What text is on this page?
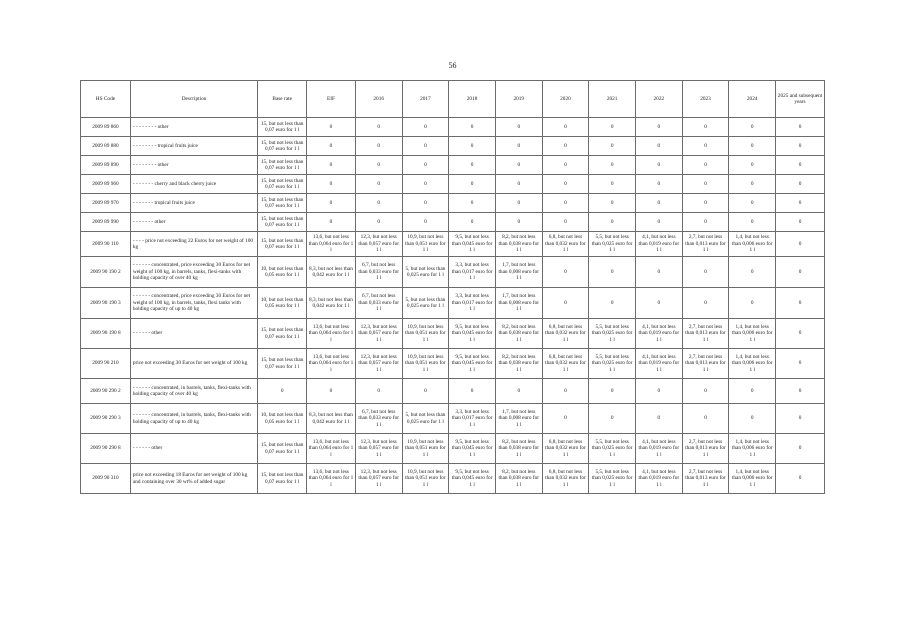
56
HS Code	Description	Base rate	EIF	2016	2017	2018	2019	2020	2021	2022	2023	2024	2025 and subsequent years
2009 89 860	- - - - - - - - other	15, but not less than 0,07 euro for 1 l	0	0	0	0	0	0	0	0	0	0	0
2009 89 880	- - - - - - - - tropical fruits juice	15, but not less than 0,07 euro for 1 l	0	0	0	0	0	0	0	0	0	0	0
2009 89 890	- - - - - - - - other	15, but not less than 0,07 euro for 1 l	0	0	0	0	0	0	0	0	0	0	0
2009 89 960	- - - - - - - cherry and black cherry juice	15, but not less than 0,07 euro for 1 l	0	0	0	0	0	0	0	0	0	0	0
2009 89 970	- - - - - - - tropical fruits juice	15, but not less than 0,07 euro for 1 l	0	0	0	0	0	0	0	0	0	0	0
2009 89 990	- - - - - - - other	15, but not less than 0,07 euro for 1 l	0	0	0	0	0	0	0	0	0	0	0
2009 90 110	- - - - price not exceeding 22 Euros for net weight of 100 kg	15, but not less than 0,07 euro for 1 l	13,6, but not less than 0,064 euro for 1 l	12,3, but not less than 0,057 euro for 1 l	10,9, but not less than 0,051 euro for 1 l	9,5, but not less than 0,045 euro for 1 l	8,2, but not less than 0,038 euro for 1 l	6,8, but not less than 0,032 euro for 1 l	5,5, but not less than 0,025 euro for 1 l	4,1, but not less than 0,019 euro for 1 l	2,7, but not less than 0,013 euro for 1 l	1,4, but not less than 0,006 euro for 1 l	0
2009 90 190 2	- - - - - - concentrated, price exceeding 30 Euros for net weight of 100 kg, in barrels, tanks, flexi-tanks with holding capacity of over 40 kg	10, but not less than 0,05 euro for 1 l	8,3, but not less than 0,042 euro for 1 l	6,7, but not less than 0,033 euro for 1 l	5, but not less than 0,025 euro for 1 l	3,3, but not less than 0,017 euro for 1 l	1,7, but not less than 0,008 euro for 1 l	0	0	0	0	0	0
2009 90 190 3	- - - - - - concentrated, price exceeding 30 Euros for net weight of 100 kg, in barrels, tanks, flexi tanks with holding capacity of up to 40 kg	10, but not less than 0,05 euro for 1 l	8,3, but not less than 0,042 euro for 1 l	6,7, but not less than 0,033 euro for 1 l	5, but not less than 0,025 euro for 1 l	3,3, but not less than 0,017 euro for 1 l	1,7, but not less than 0,008 euro for 1 l	0	0	0	0	0	0
2009 90 190 8	- - - - - - other	15, but not less than 0,07 euro for 1 l	13,6, but not less than 0,064 euro for 1 l	12,3, but not less than 0,057 euro for 1 l	10,9, but not less than 0,051 euro for 1 l	9,5, but not less than 0,045 euro for 1 l	8,2, but not less than 0,038 euro for 1 l	6,8, but not less than 0,032 euro for 1 l	5,5, but not less than 0,025 euro for 1 l	4,1, but not less than 0,019 euro for 1 l	2,7, but not less than 0,013 euro for 1 l	1,4, but not less than 0,006 euro for 1 l	0
2009 90 210	price not exceeding 30 Euros for net weight of 100 kg	15, but not less than 0,07 euro for 1 l	13,6, but not less than 0,064 euro for 1 l	12,3, but not less than 0,057 euro for 1 l	10,9, but not less than 0,051 euro for 1 l	9,5, but not less than 0,045 euro for 1 l	8,2, but not less than 0,038 euro for 1 l	6,8, but not less than 0,032 euro for 1 l	5,5, but not less than 0,025 euro for 1 l	4,1, but not less than 0,019 euro for 1 l	2,7, but not less than 0,013 euro for 1 l	1,4, but not less than 0,006 euro for 1 l	0
2009 90 290 2	- - - - - - concentrated, in barrels, tanks, flexi-tanks with holding capacity of over 40 kg	0	0	0	0	0	0	0	0	0	0	0	0
2009 90 290 3	- - - - - - concentrated, in barrels, tanks, flexi-tanks with holding capacity of up to 40 kg	10, but not less than 0,05 euro for 1 l	8,3, but not less than 0,042 euro for 1 l	6,7, but not less than 0,033 euro for 1 l	5, but not less than 0,025 euro for 1 l	3,3, but not less than 0,017 euro for 1 l	1,7, but not less than 0,008 euro for 1 l	0	0	0	0	0	0
2009 90 290 8	- - - - - - other	15, but not less than 0,07 euro for 1 l	13,6, but not less than 0,064 euro for 1 l	12,3, but not less than 0,057 euro for 1 l	10,9, but not less than 0,051 euro for 1 l	9,5, but not less than 0,045 euro for 1 l	8,2, but not less than 0,038 euro for 1 l	6,8, but not less than 0,032 euro for 1 l	5,5, but not less than 0,025 euro for 1 l	4,1, but not less than 0,019 euro for 1 l	2,7, but not less than 0,013 euro for 1 l	1,4, but not less than 0,006 euro for 1 l	0
2009 90 310	price not exceeding 18 Euros for net weight of 100 kg and containing over 30 wt% of added sugar	15, but not less than 0,07 euro for 1 l	13,6, but not less than 0,064 euro for 1 l	12,3, but not less than 0,057 euro for 1 l	10,9, but not less than 0,051 euro for 1 l	9,5, but not less than 0,045 euro for 1 l	8,2, but not less than 0,038 euro for 1 l	6,8, but not less than 0,032 euro for 1 l	5,5, but not less than 0,025 euro for 1 l	4,1, but not less than 0,019 euro for 1 l	2,7, but not less than 0,013 euro for 1 l	1,4, but not less than 0,006 euro for 1 l	0
